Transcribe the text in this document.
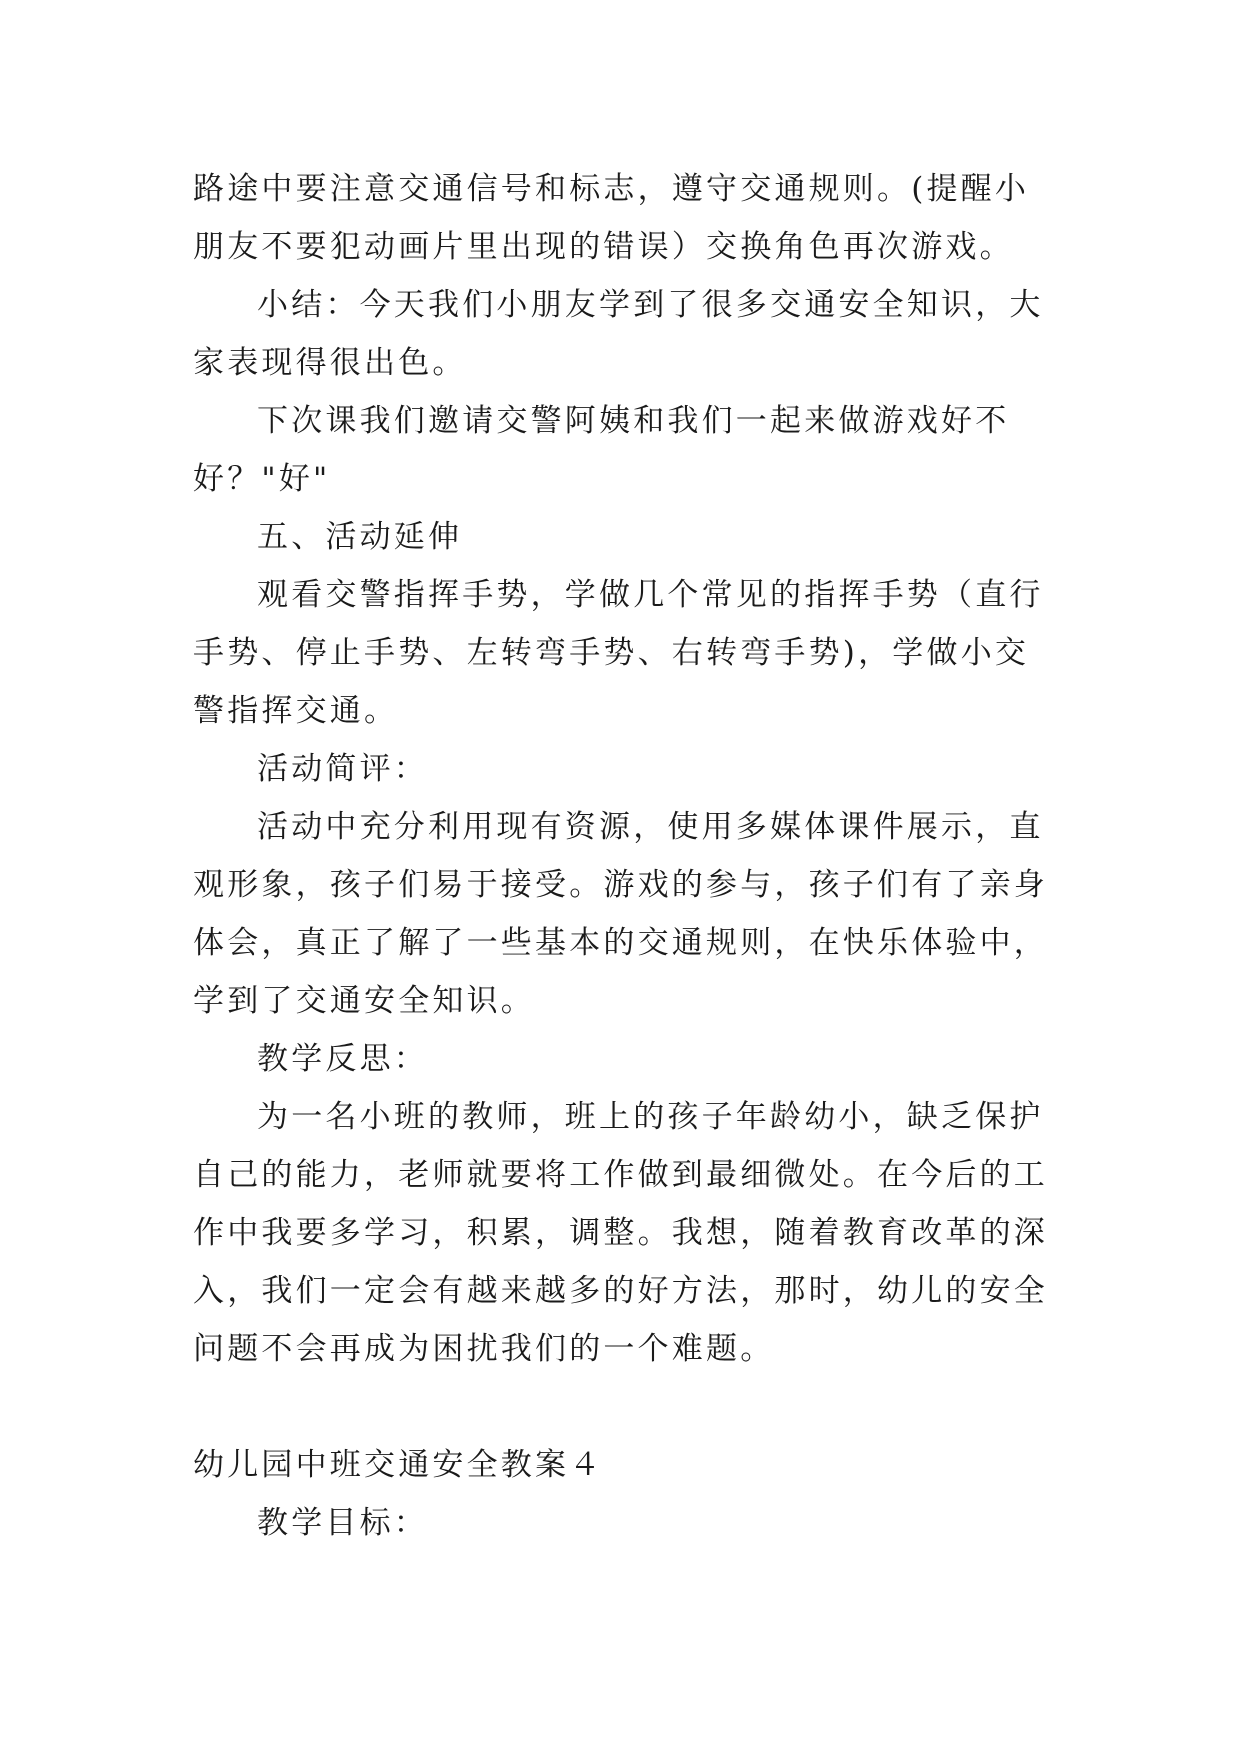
路途中要注意交通信号和标志，遵守交通规则。(提醒小朋友不要犯动画片里出现的错误）交换角色再次游戏。

小结：今天我们小朋友学到了很多交通安全知识，大家表现得很出色。

下次课我们邀请交警阿姨和我们一起来做游戏好不好？"好"

五、活动延伸

观看交警指挥手势，学做几个常见的指挥手势（直行手势、停止手势、左转弯手势、右转弯手势)，学做小交警指挥交通。

活动简评：

活动中充分利用现有资源，使用多媒体课件展示，直观形象，孩子们易于接受。游戏的参与，孩子们有了亲身体会，真正了解了一些基本的交通规则，在快乐体验中，学到了交通安全知识。

教学反思：

为一名小班的教师，班上的孩子年龄幼小，缺乏保护自己的能力，老师就要将工作做到最细微处。在今后的工作中我要多学习，积累，调整。我想，随着教育改革的深入，我们一定会有越来越多的好方法，那时，幼儿的安全问题不会再成为困扰我们的一个难题。

幼儿园中班交通安全教案４

教学目标：
